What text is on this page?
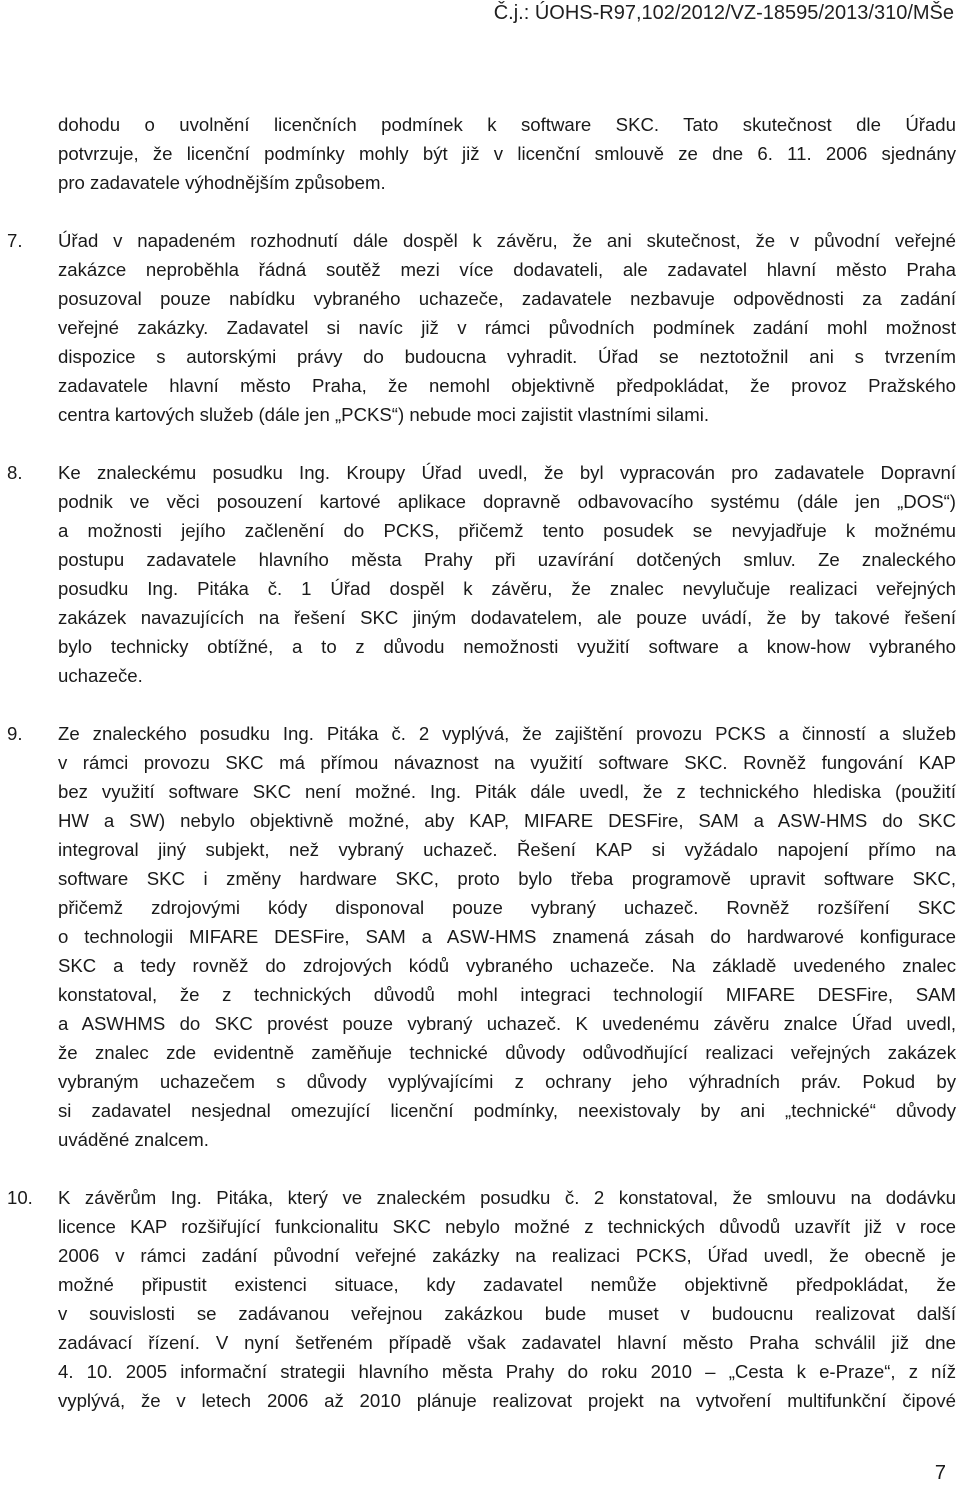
Č.j.: ÚOHS-R97,102/2012/VZ-18595/2013/310/MŠe
dohodu o uvolnění licenčních podmínek k software SKC. Tato skutečnost dle Úřadu
potvrzuje, že licenční podmínky mohly být již v licenční smlouvě ze dne 6. 11. 2006 sjednány
pro zadavatele výhodnějším způsobem.
7. Úřad v napadeném rozhodnutí dále dospěl k závěru, že ani skutečnost, že v původní veřejné
zakázce neproběhla řádná soutěž mezi více dodavateli, ale zadavatel hlavní město Praha
posuzoval pouze nabídku vybraného uchazeče, zadavatele nezbavuje odpovědnosti za zadání
veřejné zakázky. Zadavatel si navíc již v rámci původních podmínek zadání mohl možnost
dispozice s autorskými právy do budoucna vyhradit. Úřad se neztotožnil ani s tvrzením
zadavatele hlavní město Praha, že nemohl objektivně předpokládat, že provoz Pražského
centra kartových služeb (dále jen „PCKS“) nebude moci zajistit vlastními silami.
8. Ke znaleckému posudku Ing. Kroupy Úřad uvedl, že byl vypracován pro zadavatele Dopravní
podnik ve věci posouzení kartové aplikace dopravně odbavovacího systému (dále jen „DOS“)
a možnosti jejího začlenění do PCKS, přičemž tento posudek se nevyjadřuje k možnému
postupu zadavatele hlavního města Prahy při uzavírání dotčených smluv. Ze znaleckého
posudku Ing. Pitáka č. 1 Úřad dospěl k závěru, že znalec nevylučuje realizaci veřejných
zakázek navazujících na řešení SKC jiným dodavatelem, ale pouze uvádí, že by takové řešení
bylo technicky obtížné, a to z důvodu nemožnosti využití software a know-how vybraného
uchazeče.
9. Ze znaleckého posudku Ing. Pitáka č. 2 vyplývá, že zajištění provozu PCKS a činností a služeb
v rámci provozu SKC má přímou návaznost na využití software SKC. Rovněž fungování KAP
bez využití software SKC není možné. Ing. Piták dále uvedl, že z technického hlediska (použití
HW a SW) nebylo objektivně možné, aby KAP, MIFARE DESFire, SAM a ASW-HMS do SKC
integroval jiný subjekt, než vybraný uchazeč. Řešení KAP si vyžádalo napojení přímo na
software SKC i změny hardware SKC, proto bylo třeba programově upravit software SKC,
přičemž zdrojovými kódy disponoval pouze vybraný uchazeč. Rovněž rozšíření SKC
o technologii MIFARE DESFire, SAM a ASW-HMS znamená zásah do hardwarové konfigurace
SKC a tedy rovněž do zdrojových kódů vybraného uchazeče. Na základě uvedeného znalec
konstatoval, že z technických důvodů mohl integraci technologií MIFARE DESFire, SAM
a ASWHMS do SKC provést pouze vybraný uchazeč. K uvedenému závěru znalce Úřad uvedl,
že znalec zde evidentně zaměňuje technické důvody odůvodňující realizaci veřejných zakázek
vybraným uchazečem s důvody vyplývajícími z ochrany jeho výhradních práv. Pokud by
si zadavatel nesjednal omezující licenční podmínky, neexistovaly by ani „technické“ důvody
uváděné znalcem.
10. K závěrům Ing. Pitáka, který ve znaleckém posudku č. 2 konstatoval, že smlouvu na dodávku
licence KAP rozšiřující funkcionalitu SKC nebylo možné z technických důvodů uzavřít již v roce
2006 v rámci zadání původní veřejné zakázky na realizaci PCKS, Úřad uvedl, že obecně je
možné připustit existenci situace, kdy zadavatel nemůže objektivně předpokládat, že
v souvislosti se zadávanou veřejnou zakázkou bude muset v budoucnu realizovat další
zadávací řízení. V nyní šetřeném případě však zadavatel hlavní město Praha schválil již dne
4. 10. 2005 informační strategii hlavního města Prahy do roku 2010 – „Cesta k e-Praze“, z níž
vyplývá, že v letech 2006 až 2010 plánuje realizovat projekt na vytvoření multifunkční čipové
7
